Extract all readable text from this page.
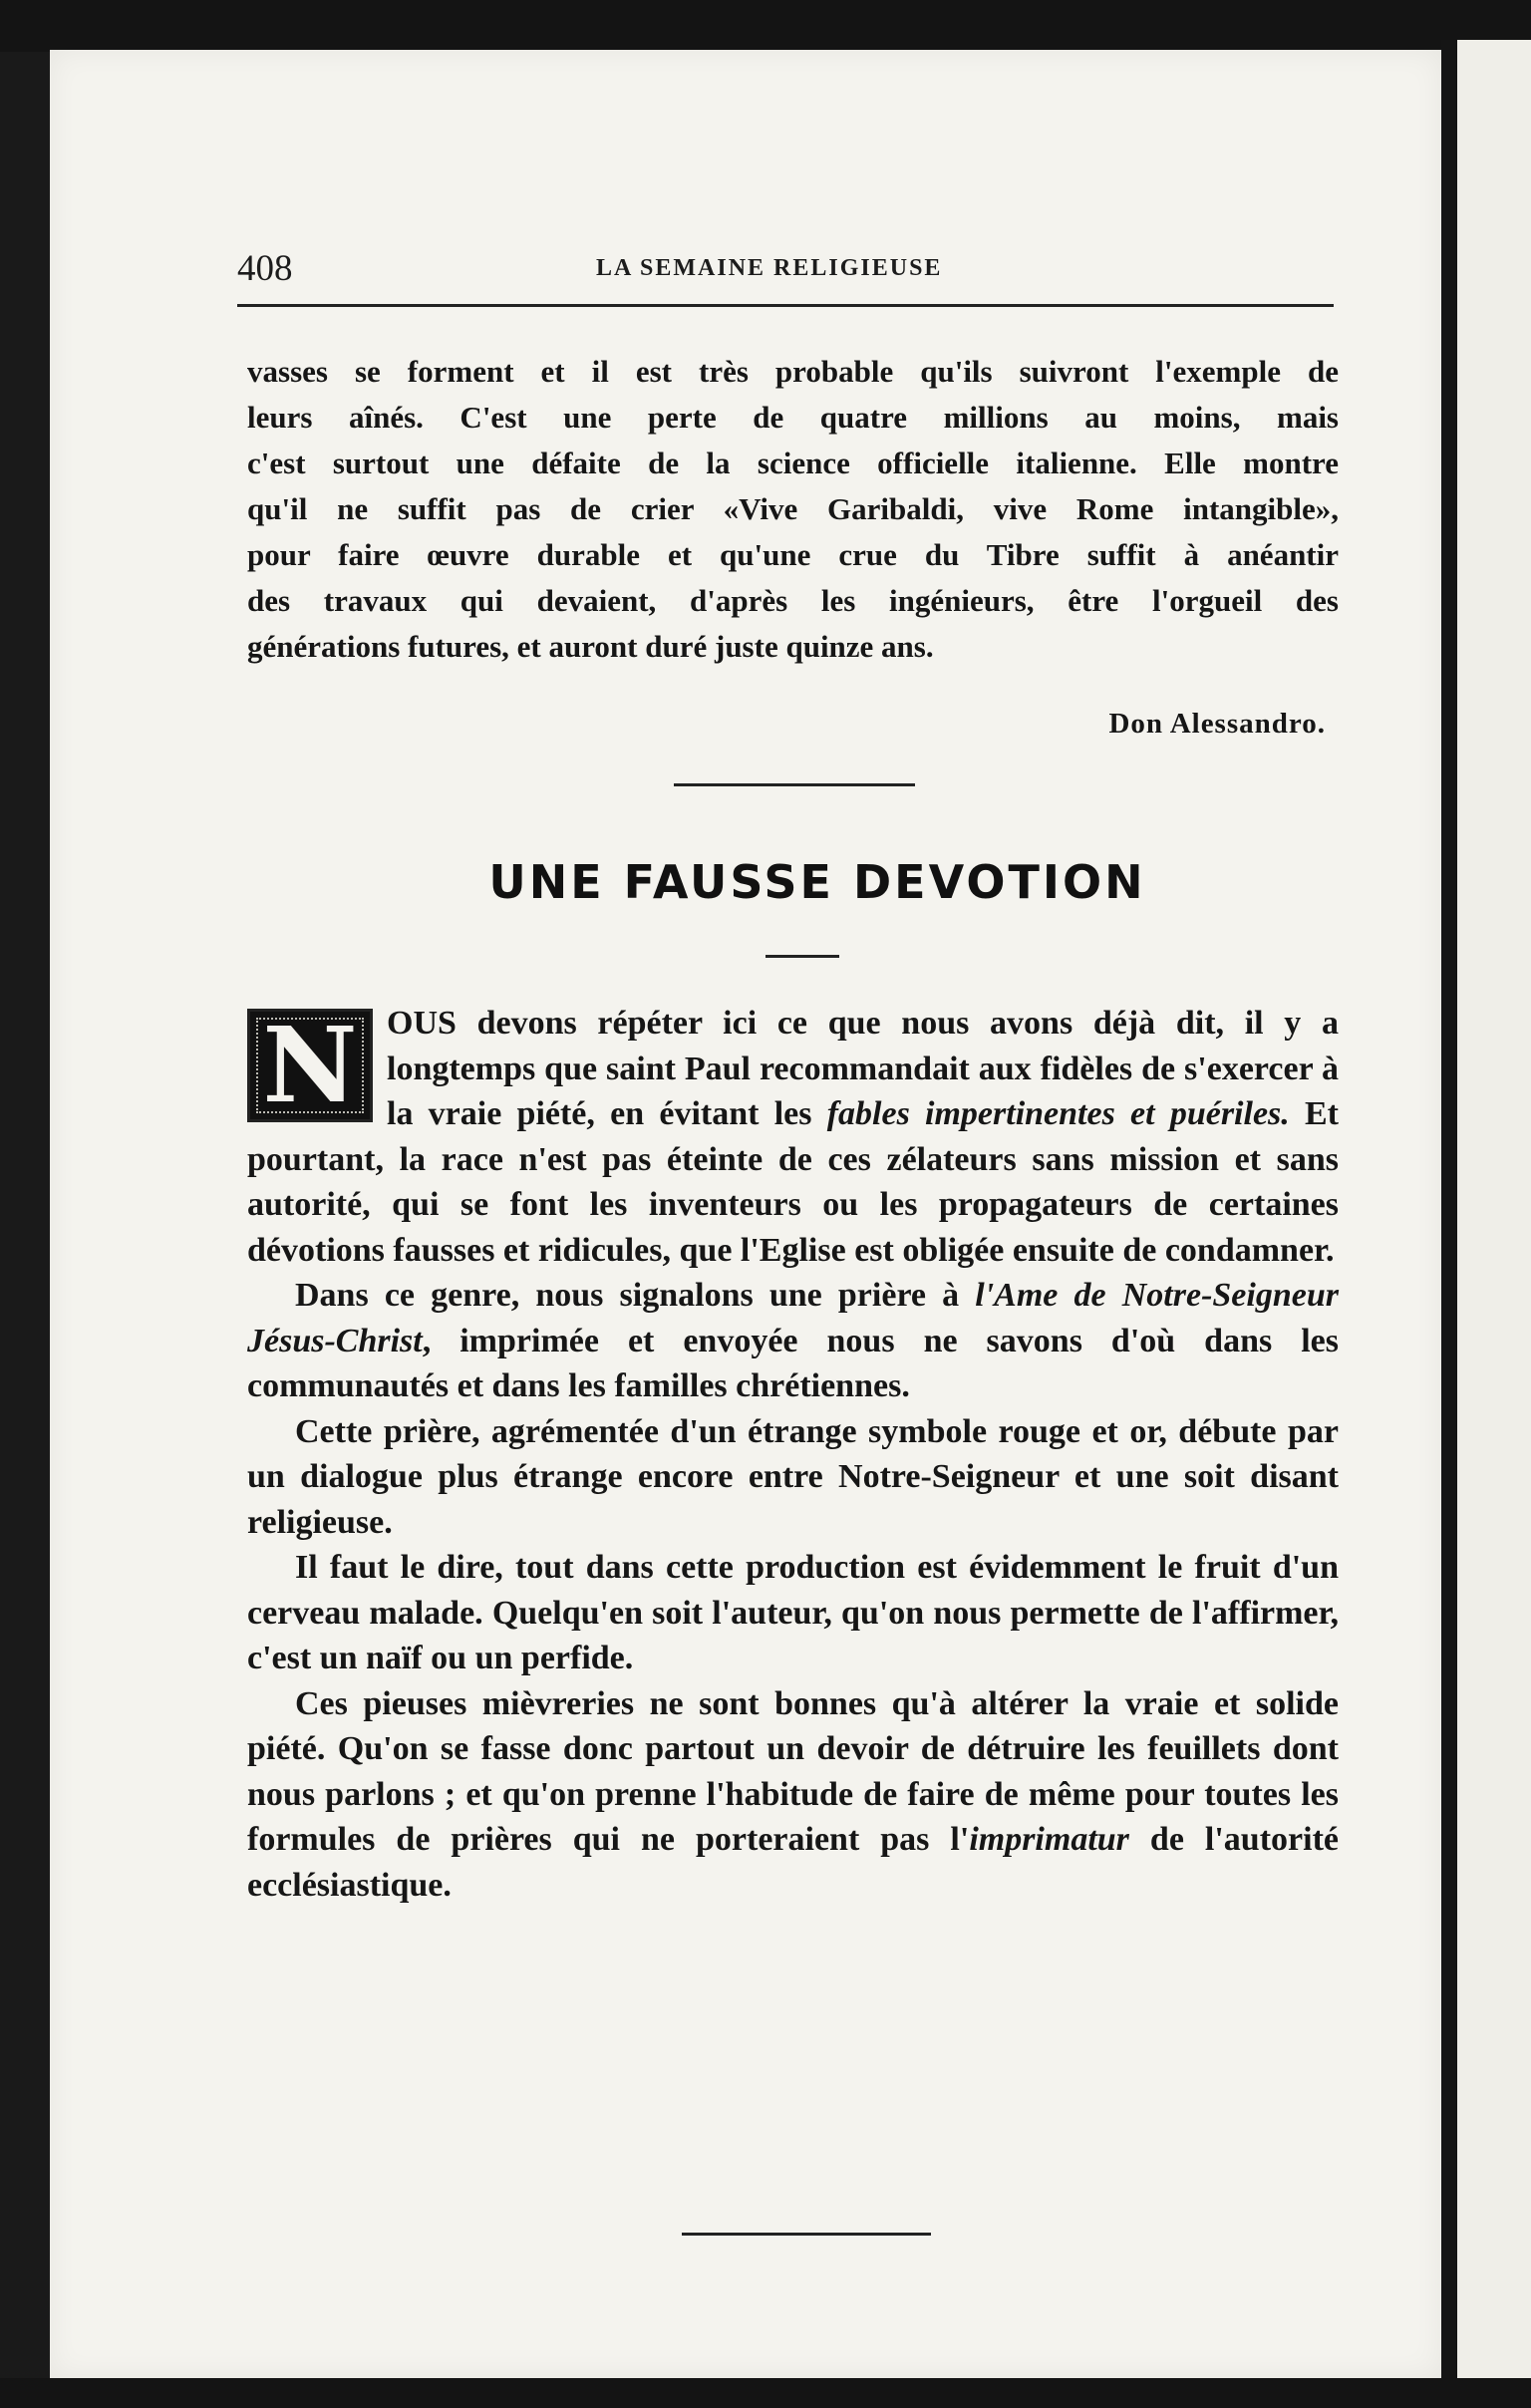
408	LA SEMAINE RELIGIEUSE
vasses se forment et il est très probable qu'ils suivront l'exemple de
leurs aînés. C'est une perte de quatre millions au moins, mais
c'est surtout une défaite de la science officielle italienne. Elle montre
qu'il ne suffit pas de crier «Vive Garibaldi, vive Rome intangible»,
pour faire œuvre durable et qu'une crue du Tibre suffit à anéantir
des travaux qui devaient, d'après les ingénieurs, être l'orgueil des
générations futures, et auront duré juste quinze ans.
Don Alessandro.
UNE FAUSSE DEVOTION

N OUS devons répéter ici ce que nous avons déjà dit, il y a longtemps que saint Paul recommandait aux fidèles de s'exercer à la vraie piété, en évitant les fables impertinentes et puériles. Et pourtant, la race n'est pas éteinte de ces zélateurs sans mission et sans autorité, qui se font les inventeurs ou les propagateurs de certaines dévotions fausses et ridicules, que l'Eglise est obligée ensuite de condamner.

Dans ce genre, nous signalons une prière à l'Ame de Notre-Seigneur Jésus-Christ, imprimée et envoyée nous ne savons d'où dans les communautés et dans les familles chrétiennes.

Cette prière, agrémentée d'un étrange symbole rouge et or, débute par un dialogue plus étrange encore entre Notre-Seigneur et une soit disant religieuse.

Il faut le dire, tout dans cette production est évidemment le fruit d'un cerveau malade. Quelqu'en soit l'auteur, qu'on nous permette de l'affirmer, c'est un naïf ou un perfide.

Ces pieuses mièvreries ne sont bonnes qu'à altérer la vraie et solide piété. Qu'on se fasse donc partout un devoir de détruire les feuillets dont nous parlons ; et qu'on prenne l'habitude de faire de même pour toutes les formules de prières qui ne porteraient pas l'imprimatur de l'autorité ecclésiastique.
